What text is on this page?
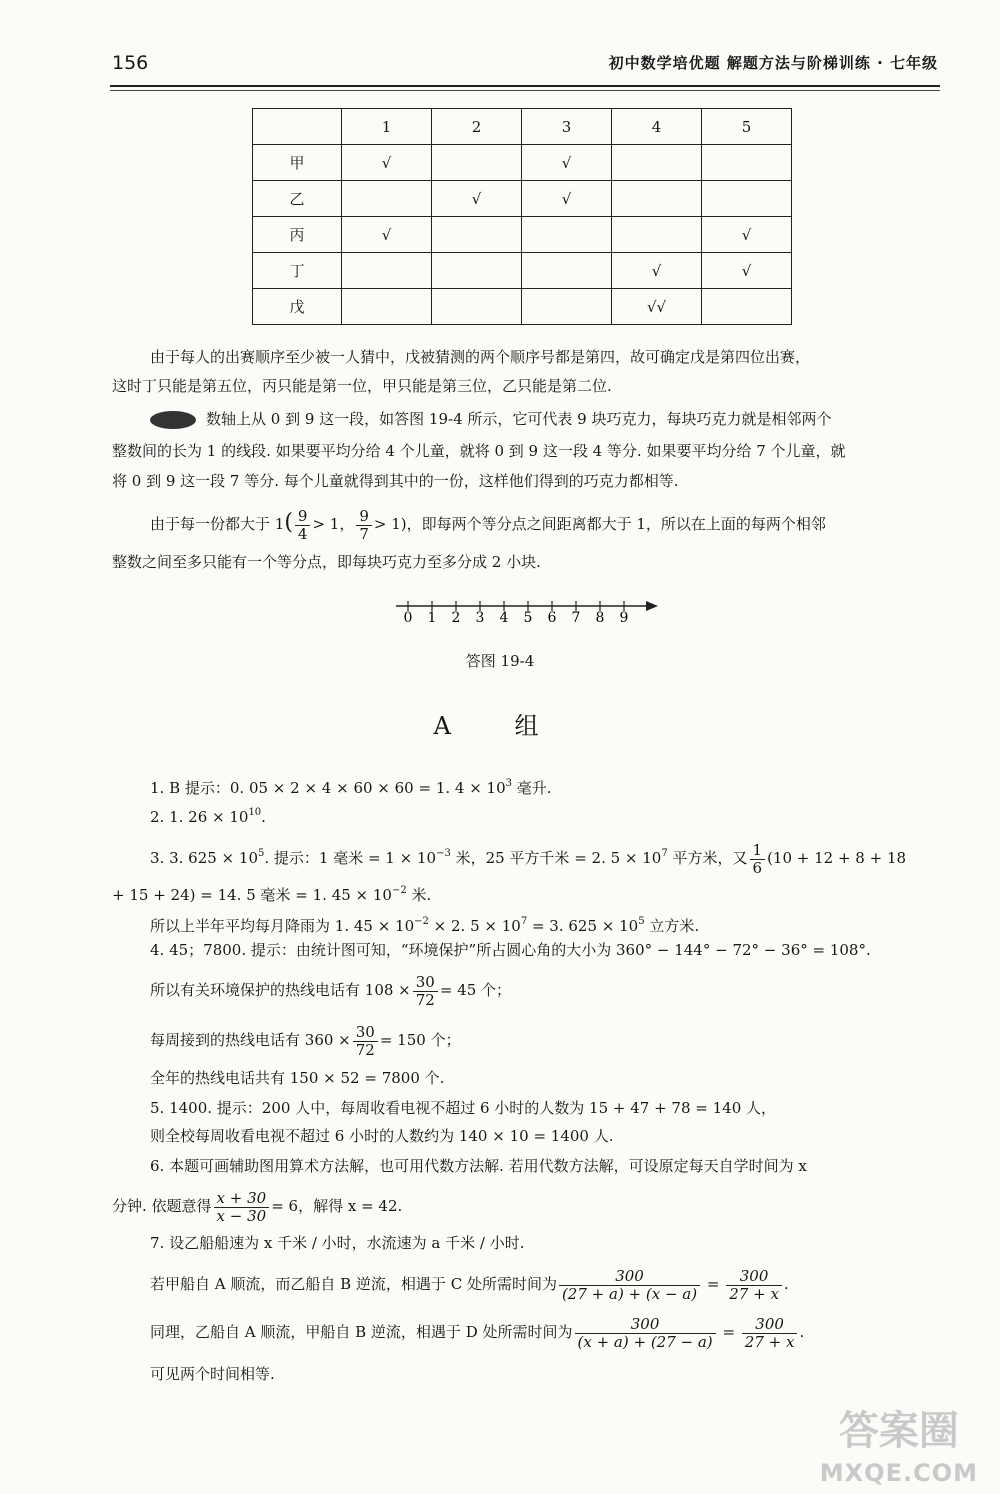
156	初中数学培优题 解题方法与阶梯训练 · 七年级
	1	2	3	4	5
甲	√		√		
乙		√	√		
丙	√				√
丁				√	√
戊				√√	
由于每人的出赛顺序至少被一人猜中，戊被猜测的两个顺序号都是第四，故可确定戊是第四位出赛，
这时丁只能是第五位，丙只能是第一位，甲只能是第三位，乙只能是第二位.
数轴上从 0 到 9 这一段，如答图 19-4 所示，它可代表 9 块巧克力，每块巧克力就是相邻两个
整数间的长为 1 的线段. 如果要平均分给 4 个儿童，就将 0 到 9 这一段 4 等分. 如果要平均分给 7 个儿童，就
将 0 到 9 这一段 7 等分. 每个儿童就得到其中的一份，这样他们得到的巧克力都相等.
由于每一份都大于 $1( \frac{9}{4} > 1$， $\frac{9}{7} > 1$)，即每两个等分点之间距离都大于 1，所以在上面的每两个相邻
整数之间至多只能有一个等分点，即每块巧克力至多分成 2 小块.
0 1 2 3 4 5 6 7 8 9
答图 19-4
A 组
1. B 提示：0. 05 × 2 × 4 × 60 × 60 = 1. $4 \times 10^3$ 毫升.
2. 1. $26 \times 10^{10}$.
3. 3. $625 \times 10^5$. 提示：1 毫米 = $1 \times 10^{-3}$ 米，25 平方千米 = 2. $5 \times 10^7$ 平方米，又 $\frac{1}{6} (10 + 12 + 8 + 18$
+ 15 + 24) = 14. 5 毫米 = 1. $45 \times 10^{-2}$ 米.
所以上半年平均每月降雨为 1. $45 \times 10^{-2} \times 2$. $5 \times 10^7 = 3$. $625 \times 10^5$ 立方米.
4. 45；7800. 提示：由统计图可知，“环境保护”所占圆心角的大小为 360° − 144° − 72° − 36° = 108°.
所以有关环境保护的热线电话有 $108 \times \frac{30}{72} = 45$ 个；
每周接到的热线电话有 $360 \times \frac{30}{72} = 150$ 个；
全年的热线电话共有 150 × 52 = 7800 个.
5. 1400. 提示：200 人中，每周收看电视不超过 6 小时的人数为 15 + 47 + 78 = 140 人，
则全校每周收看电视不超过 6 小时的人数约为 140 × 10 = 1400 人.
6. 本题可画辅助图用算术方法解，也可用代数方法解. 若用代数方法解，可设原定每天自学时间为 x
分钟. 依题意得 $\frac{x + 30}{x - 30} = 6$，解得 x = 42.
7. 设乙船船速为 x 千米 / 小时，水流速为 a 千米 / 小时.
若甲船自 A 顺流，而乙船自 B 逆流，相遇于 C 处所需时间为 $\frac{300}{(27 + a) + (x - a)} = \frac{300}{27 + x}$ .
同理，乙船自 A 顺流，甲船自 B 逆流，相遇于 D 处所需时间为 $\frac{300}{(x + a) + (27 - a)} = \frac{300}{27 + x}$ .
可见两个时间相等.
答案圈
MXQE.COM
